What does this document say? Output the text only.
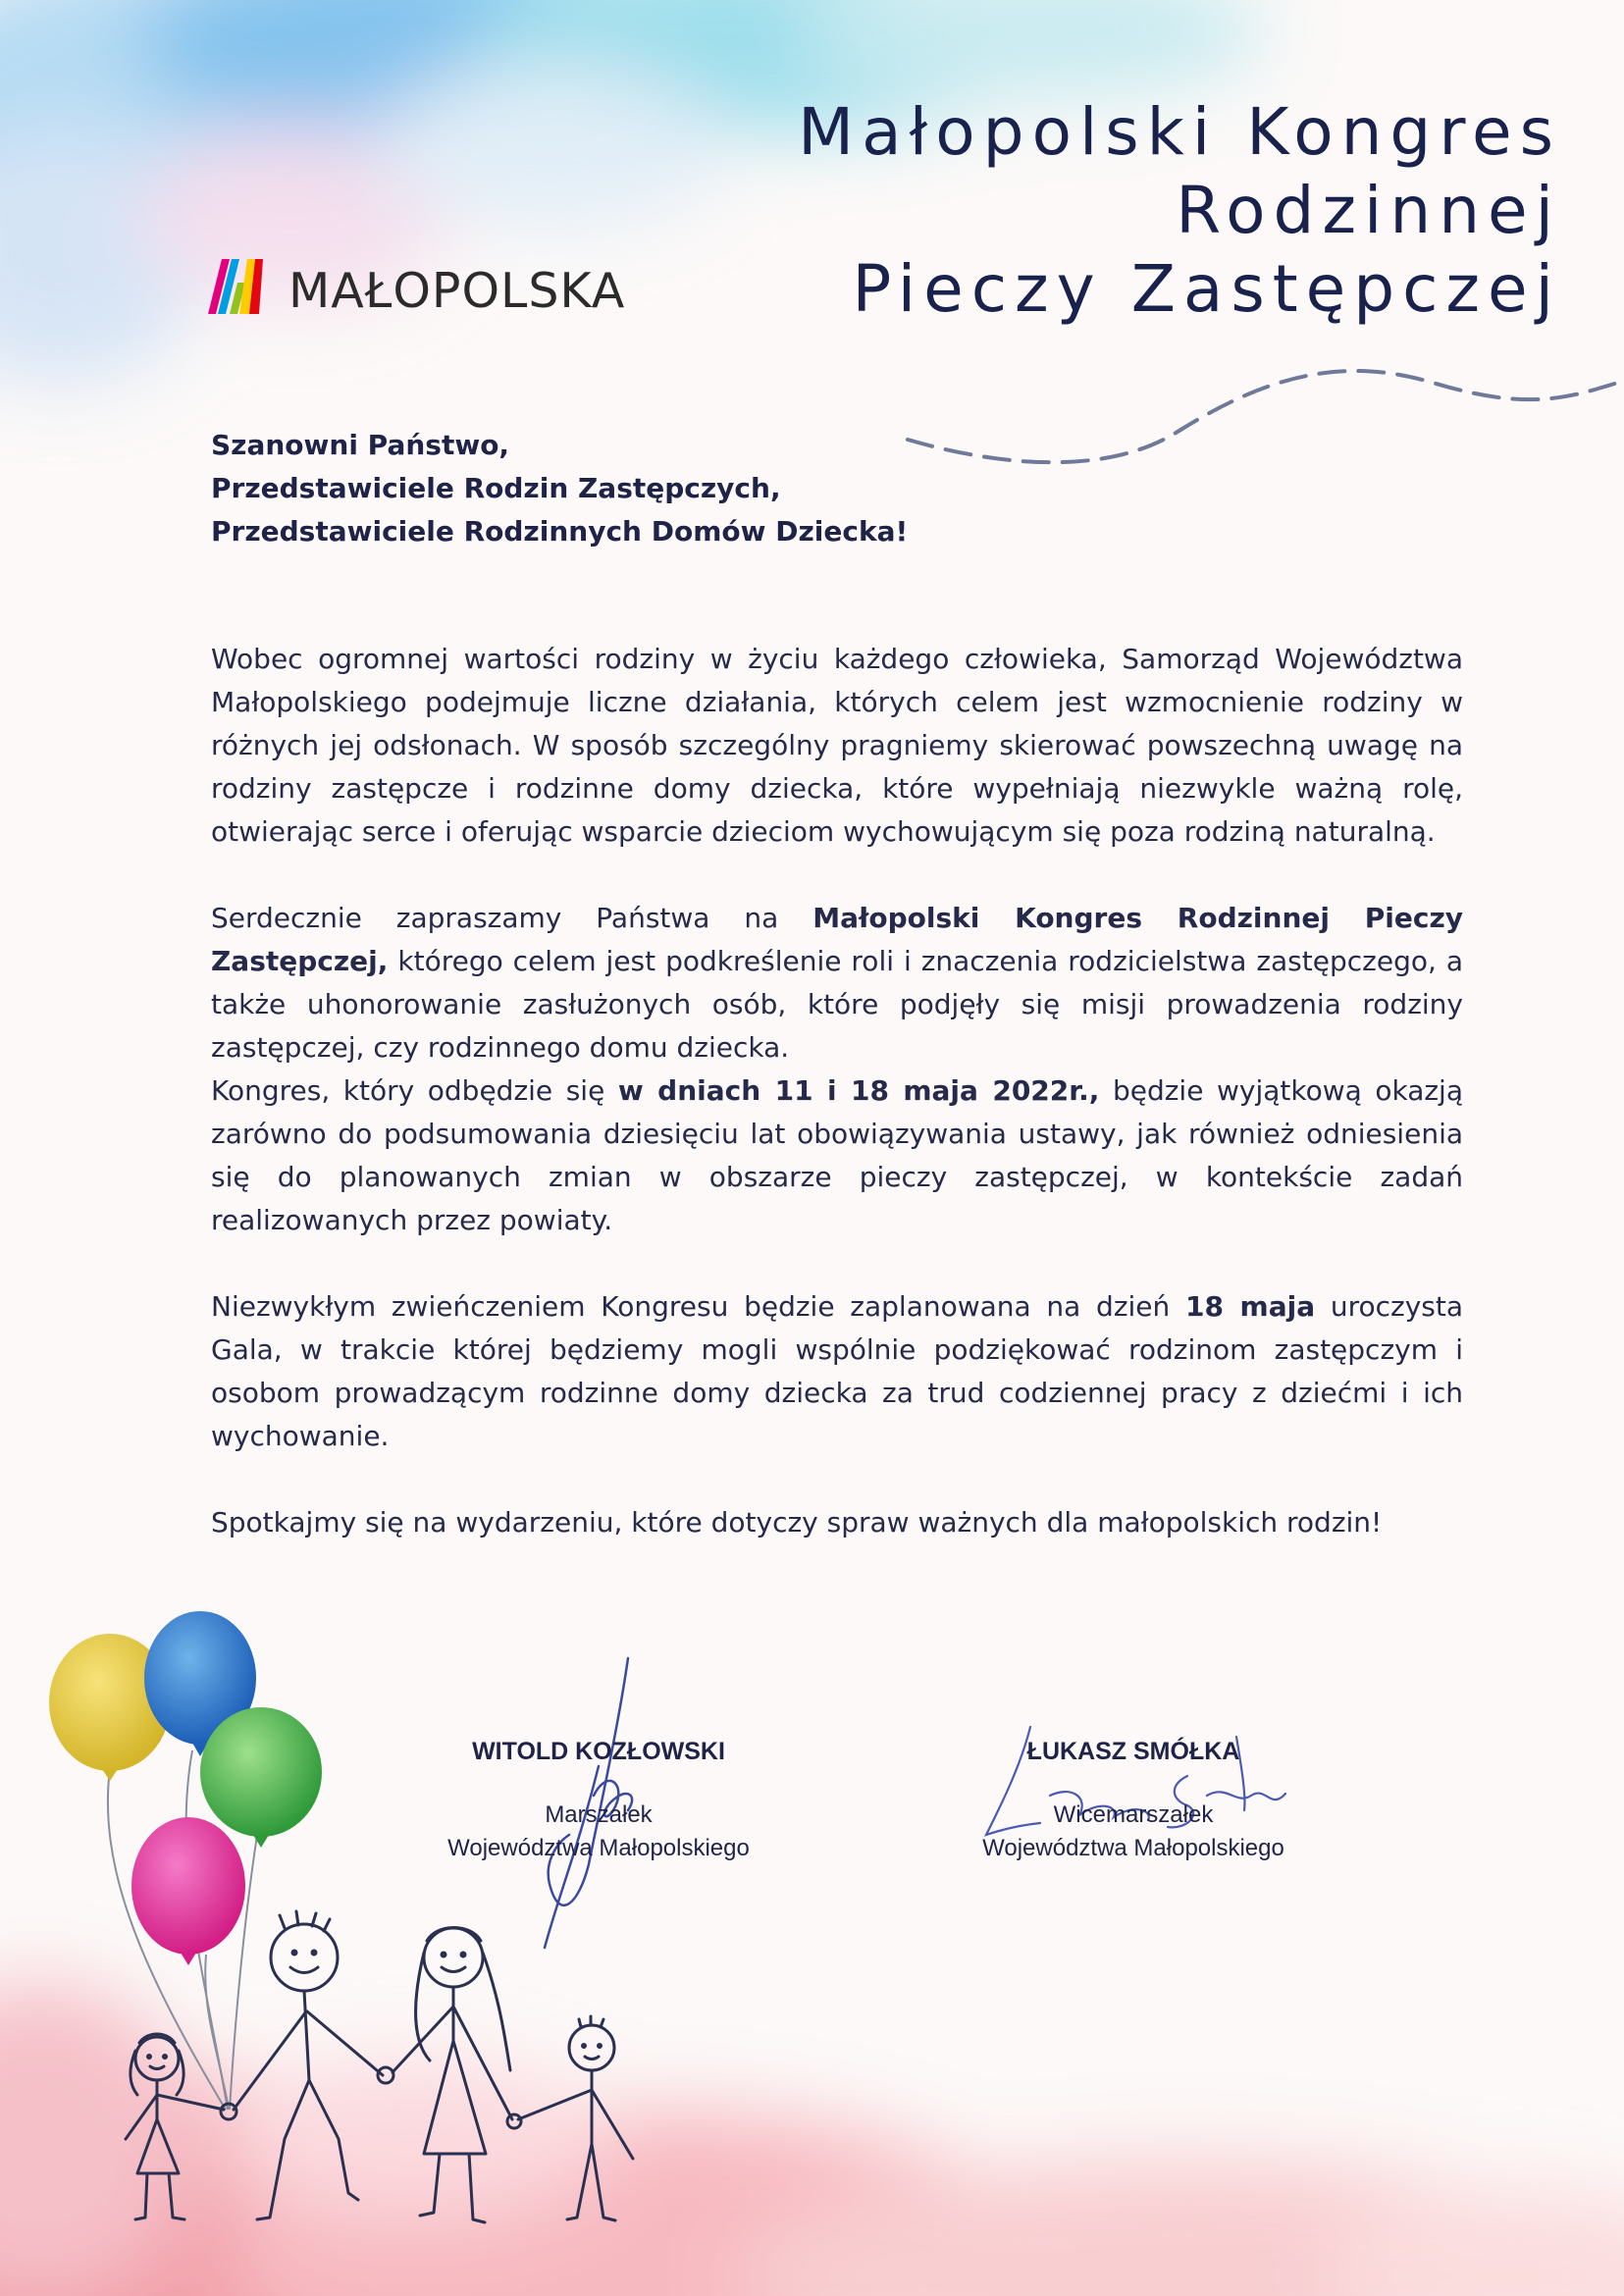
MAŁOPOLSKA
Małopolski Kongres
Rodzinnej
Pieczy Zastępczej
Szanowni Państwo,
Przedstawiciele Rodzin Zastępczych,
Przedstawiciele Rodzinnych Domów Dziecka!

Wobec ogromnej wartości rodziny w życiu każdego człowieka, Samorząd Województwa Małopolskiego podejmuje liczne działania, których celem jest wzmocnienie rodziny w różnych jej odsłonach. W sposób szczególny pragniemy skierować powszechną uwagę na rodziny zastępcze i rodzinne domy dziecka, które wypełniają niezwykle ważną rolę, otwierając serce i oferując wsparcie dzieciom wychowującym się poza rodziną naturalną.

Serdecznie zapraszamy Państwa na Małopolski Kongres Rodzinnej Pieczy Zastępczej, którego celem jest podkreślenie roli i znaczenia rodzicielstwa zastępczego, a także uhonorowanie zasłużonych osób, które podjęły się misji prowadzenia rodziny zastępczej, czy rodzinnego domu dziecka.

Kongres, który odbędzie się w dniach 11 i 18 maja 2022r., będzie wyjątkową okazją zarówno do podsumowania dziesięciu lat obowiązywania ustawy, jak również odniesienia się do planowanych zmian w obszarze pieczy zastępczej, w kontekście zadań realizowanych przez powiaty.

Niezwykłym zwieńczeniem Kongresu będzie zaplanowana na dzień 18 maja uroczysta Gala, w trakcie której będziemy mogli wspólnie podziękować rodzinom zastępczym i osobom prowadzącym rodzinne domy dziecka za trud codziennej pracy z dziećmi i ich wychowanie.

Spotkajmy się na wydarzeniu, które dotyczy spraw ważnych dla małopolskich rodzin!

WITOLD KOZŁOWSKI
Marszałek
Województwa Małopolskiego
ŁUKASZ SMÓŁKA
Wicemarszałek
Województwa Małopolskiego
